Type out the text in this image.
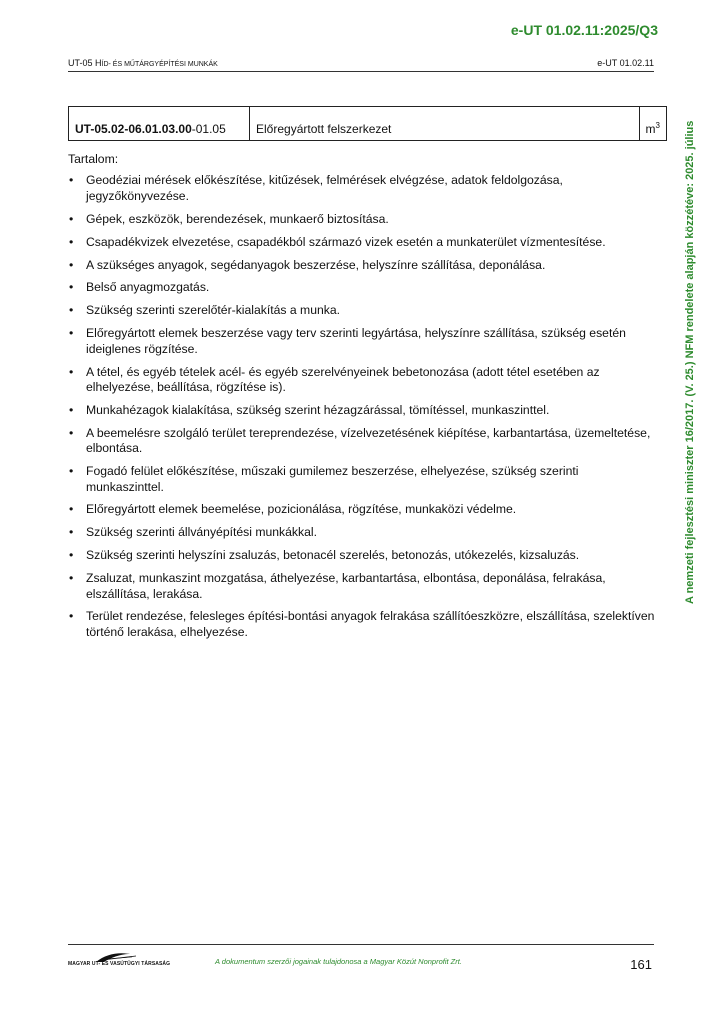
e-UT 01.02.11:2025/Q3
UT-05 HÍD- ÉS MŰTÁRGYÉPÍTÉSI MUNKÁK	e-UT 01.02.11
A nemzeti fejlesztési miniszter 16/2017. (V. 25.) NFM rendelete alapján közzétéve: 2025. július
UT-05.02-06.01.03.00-01.05	Előregyártott felszerkezet	$m^3$
Tartalom:
• Geodéziai mérések előkészítése, kitűzések, felmérések elvégzése, adatok feldolgozása, jegyzőkönyvezése.
• Gépek, eszközök, berendezések, munkaerő biztosítása.
• Csapadékvizek elvezetése, csapadékból származó vizek esetén a munkaterület vízmentesítése.
• A szükséges anyagok, segédanyagok beszerzése, helyszínre szállítása, deponálása.
• Belső anyagmozgatás.
• Szükség szerinti szerelőtér-kialakítás a munka.
• Előregyártott elemek beszerzése vagy terv szerinti legyártása, helyszínre szállítása, szükség esetén ideiglenes rögzítése.
• A tétel, és egyéb tételek acél- és egyéb szerelvényeinek bebetonozása (adott tétel esetében az elhelyezése, beállítása, rögzítése is).
• Munkahézagok kialakítása, szükség szerint hézagzárással, tömítéssel, munkaszinttel.
• A beemelésre szolgáló terület tereprendezése, vízelvezetésének kiépítése, karbantartása, üzemeltetése, elbontása.
• Fogadó felület előkészítése, műszaki gumilemez beszerzése, elhelyezése, szükség szerinti munkaszinttel.
• Előregyártott elemek beemelése, pozicionálása, rögzítése, munkaközi védelme.
• Szükség szerinti állványépítési munkákkal.
• Szükség szerinti helyszíni zsaluzás, betonacél szerelés, betonozás, utókezelés, kizsaluzás.
• Zsaluzat, munkaszint mozgatása, áthelyezése, karbantartása, elbontása, deponálása, felrakása, elszállítása, lerakása.
• Terület rendezése, felesleges építési-bontási anyagok felrakása szállítóeszközre, elszállítása, szelektíven történő lerakása, elhelyezése.
MAGYAR UT- ÉS VASÚTÜGYI TÁRSASÁG	A dokumentum szerzői jogainak tulajdonosa a Magyar Közút Nonprofit Zrt.	161
